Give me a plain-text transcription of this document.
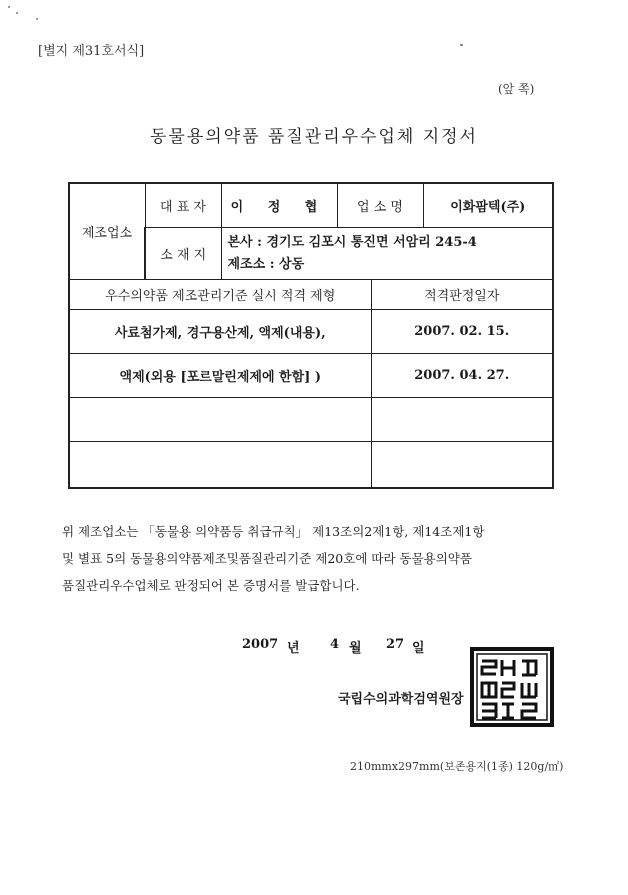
[별지 제31호서식]
(앞 쪽)
동물용의약품 품질관리우수업체 지정서
제조업소	대 표 자	이 정 협	업 소 명		이화팜텍(주)
	소 재 지	본사 : 경기도 김포시 통진면 서암리 245-4
제조소 : 상동			

우수의약품 제조관리기준 실시 적격 제형				적격판정일자	
사료첨가제, 경구용산제, 액제(내용),				2007. 02. 15.	
액제(외용 [포르말린제제에 한함] )				2007. 04. 27.	

위 제조업소는 「동물용 의약품등 취급규칙」 제13조의2제1항, 제14조제1항

및 별표 5의 동물용의약품제조및품질관리기준 제20호에 따라 동물용의약품

품질관리우수업체로 판정되어 본 증명서를 발급합니다.

2007 년 4 월 27 일
국립수의과학검역원장
210mmx297mm(보존용지(1종) 120g/㎡)
